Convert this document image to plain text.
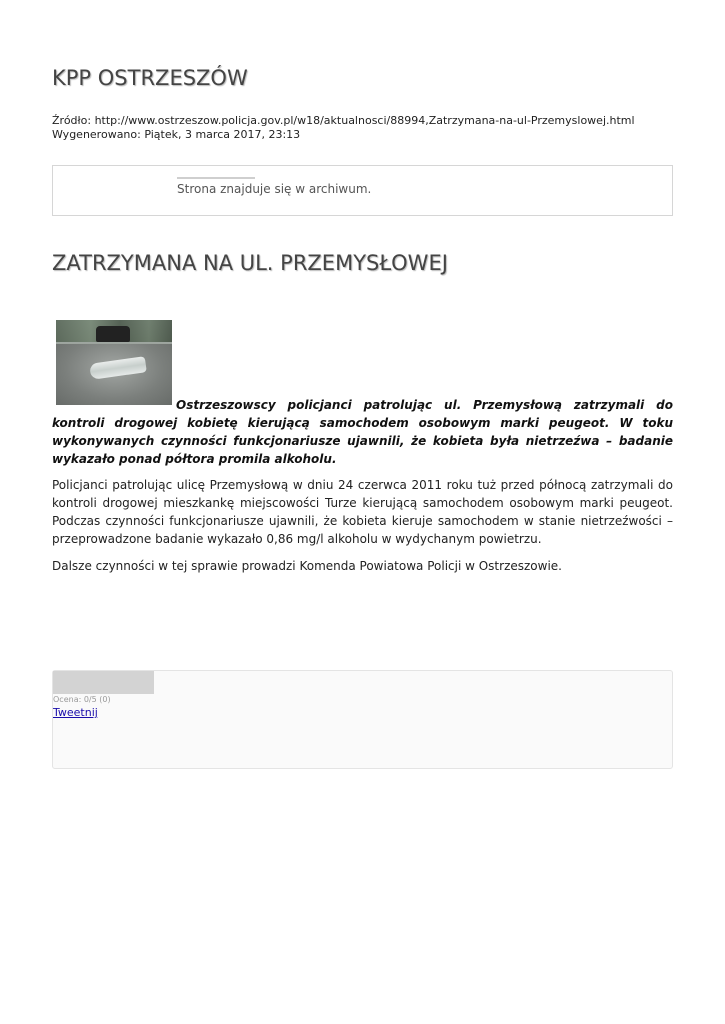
KPP OSTRZESZÓW
Źródło: http://www.ostrzeszow.policja.gov.pl/w18/aktualnosci/88994,Zatrzymana-na-ul-Przemyslowej.html
Wygenerowano: Piątek, 3 marca 2017, 23:13
Strona znajduje się w archiwum.
ZATRZYMANA NA UL. PRZEMYSŁOWEJ
Ostrzeszowscy policjanci patrolując ul. Przemysłową zatrzymali do kontroli drogowej kobietę kierującą samochodem osobowym marki peugeot. W toku wykonywanych czynności funkcjonariusze ujawnili, że kobieta była nietrzeźwa – badanie wykazało ponad półtora promila alkoholu.

Policjanci patrolując ulicę Przemysłową w dniu 24 czerwca 2011 roku tuż przed północą zatrzymali do kontroli drogowej mieszkankę miejscowości Turze kierującą samochodem osobowym marki peugeot. Podczas czynności funkcjonariusze ujawnili, że kobieta kieruje samochodem w stanie nietrzeźwości – przeprowadzone badanie wykazało 0,86 mg/l alkoholu w wydychanym powietrzu.

Dalsze czynności w tej sprawie prowadzi Komenda Powiatowa Policji w Ostrzeszowie.

Ocena: 0/5 (0)
Tweetnij
